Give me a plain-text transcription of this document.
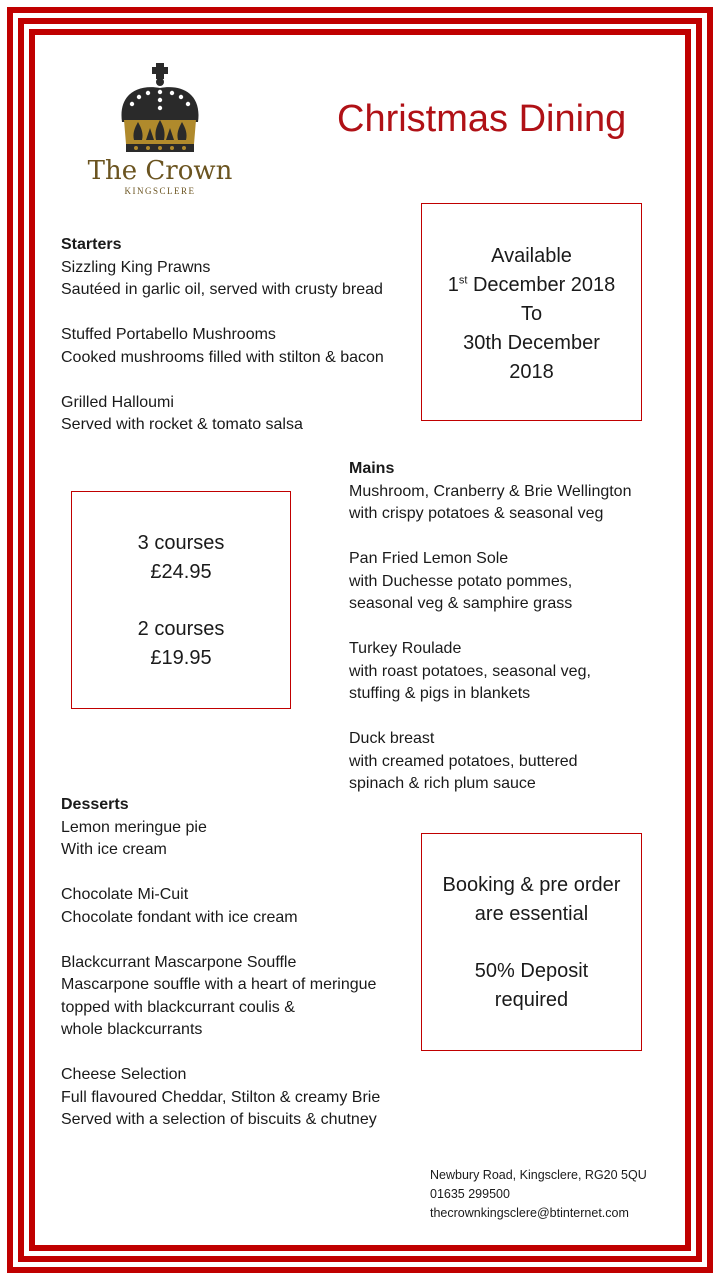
The Crown
KINGSCLERE
Christmas Dining
Available
1st December 2018
To
30th December
2018
3 courses
£24.95
2 courses
£19.95
Booking & pre order
are essential
50% Deposit
required
Starters
Sizzling King Prawns
Sautéed in garlic oil, served with crusty bread
Stuffed Portabello Mushrooms
Cooked mushrooms filled with stilton & bacon
Grilled Halloumi
Served with rocket & tomato salsa
Mains
Mushroom, Cranberry & Brie Wellington
with crispy potatoes & seasonal veg
Pan Fried Lemon Sole
with Duchesse potato pommes,
seasonal veg & samphire grass
Turkey Roulade
with roast potatoes, seasonal veg,
stuffing & pigs in blankets
Duck breast
with creamed potatoes, buttered
spinach & rich plum sauce
Desserts
Lemon meringue pie
With ice cream
Chocolate Mi-Cuit
Chocolate fondant with ice cream
Blackcurrant Mascarpone Souffle
Mascarpone souffle with a heart of meringue
topped with blackcurrant coulis &
whole blackcurrants
Cheese Selection
Full flavoured Cheddar, Stilton & creamy Brie
Served with a selection of biscuits & chutney
Newbury Road, Kingsclere, RG20 5QU
01635 299500
thecrownkingsclere@btinternet.com
